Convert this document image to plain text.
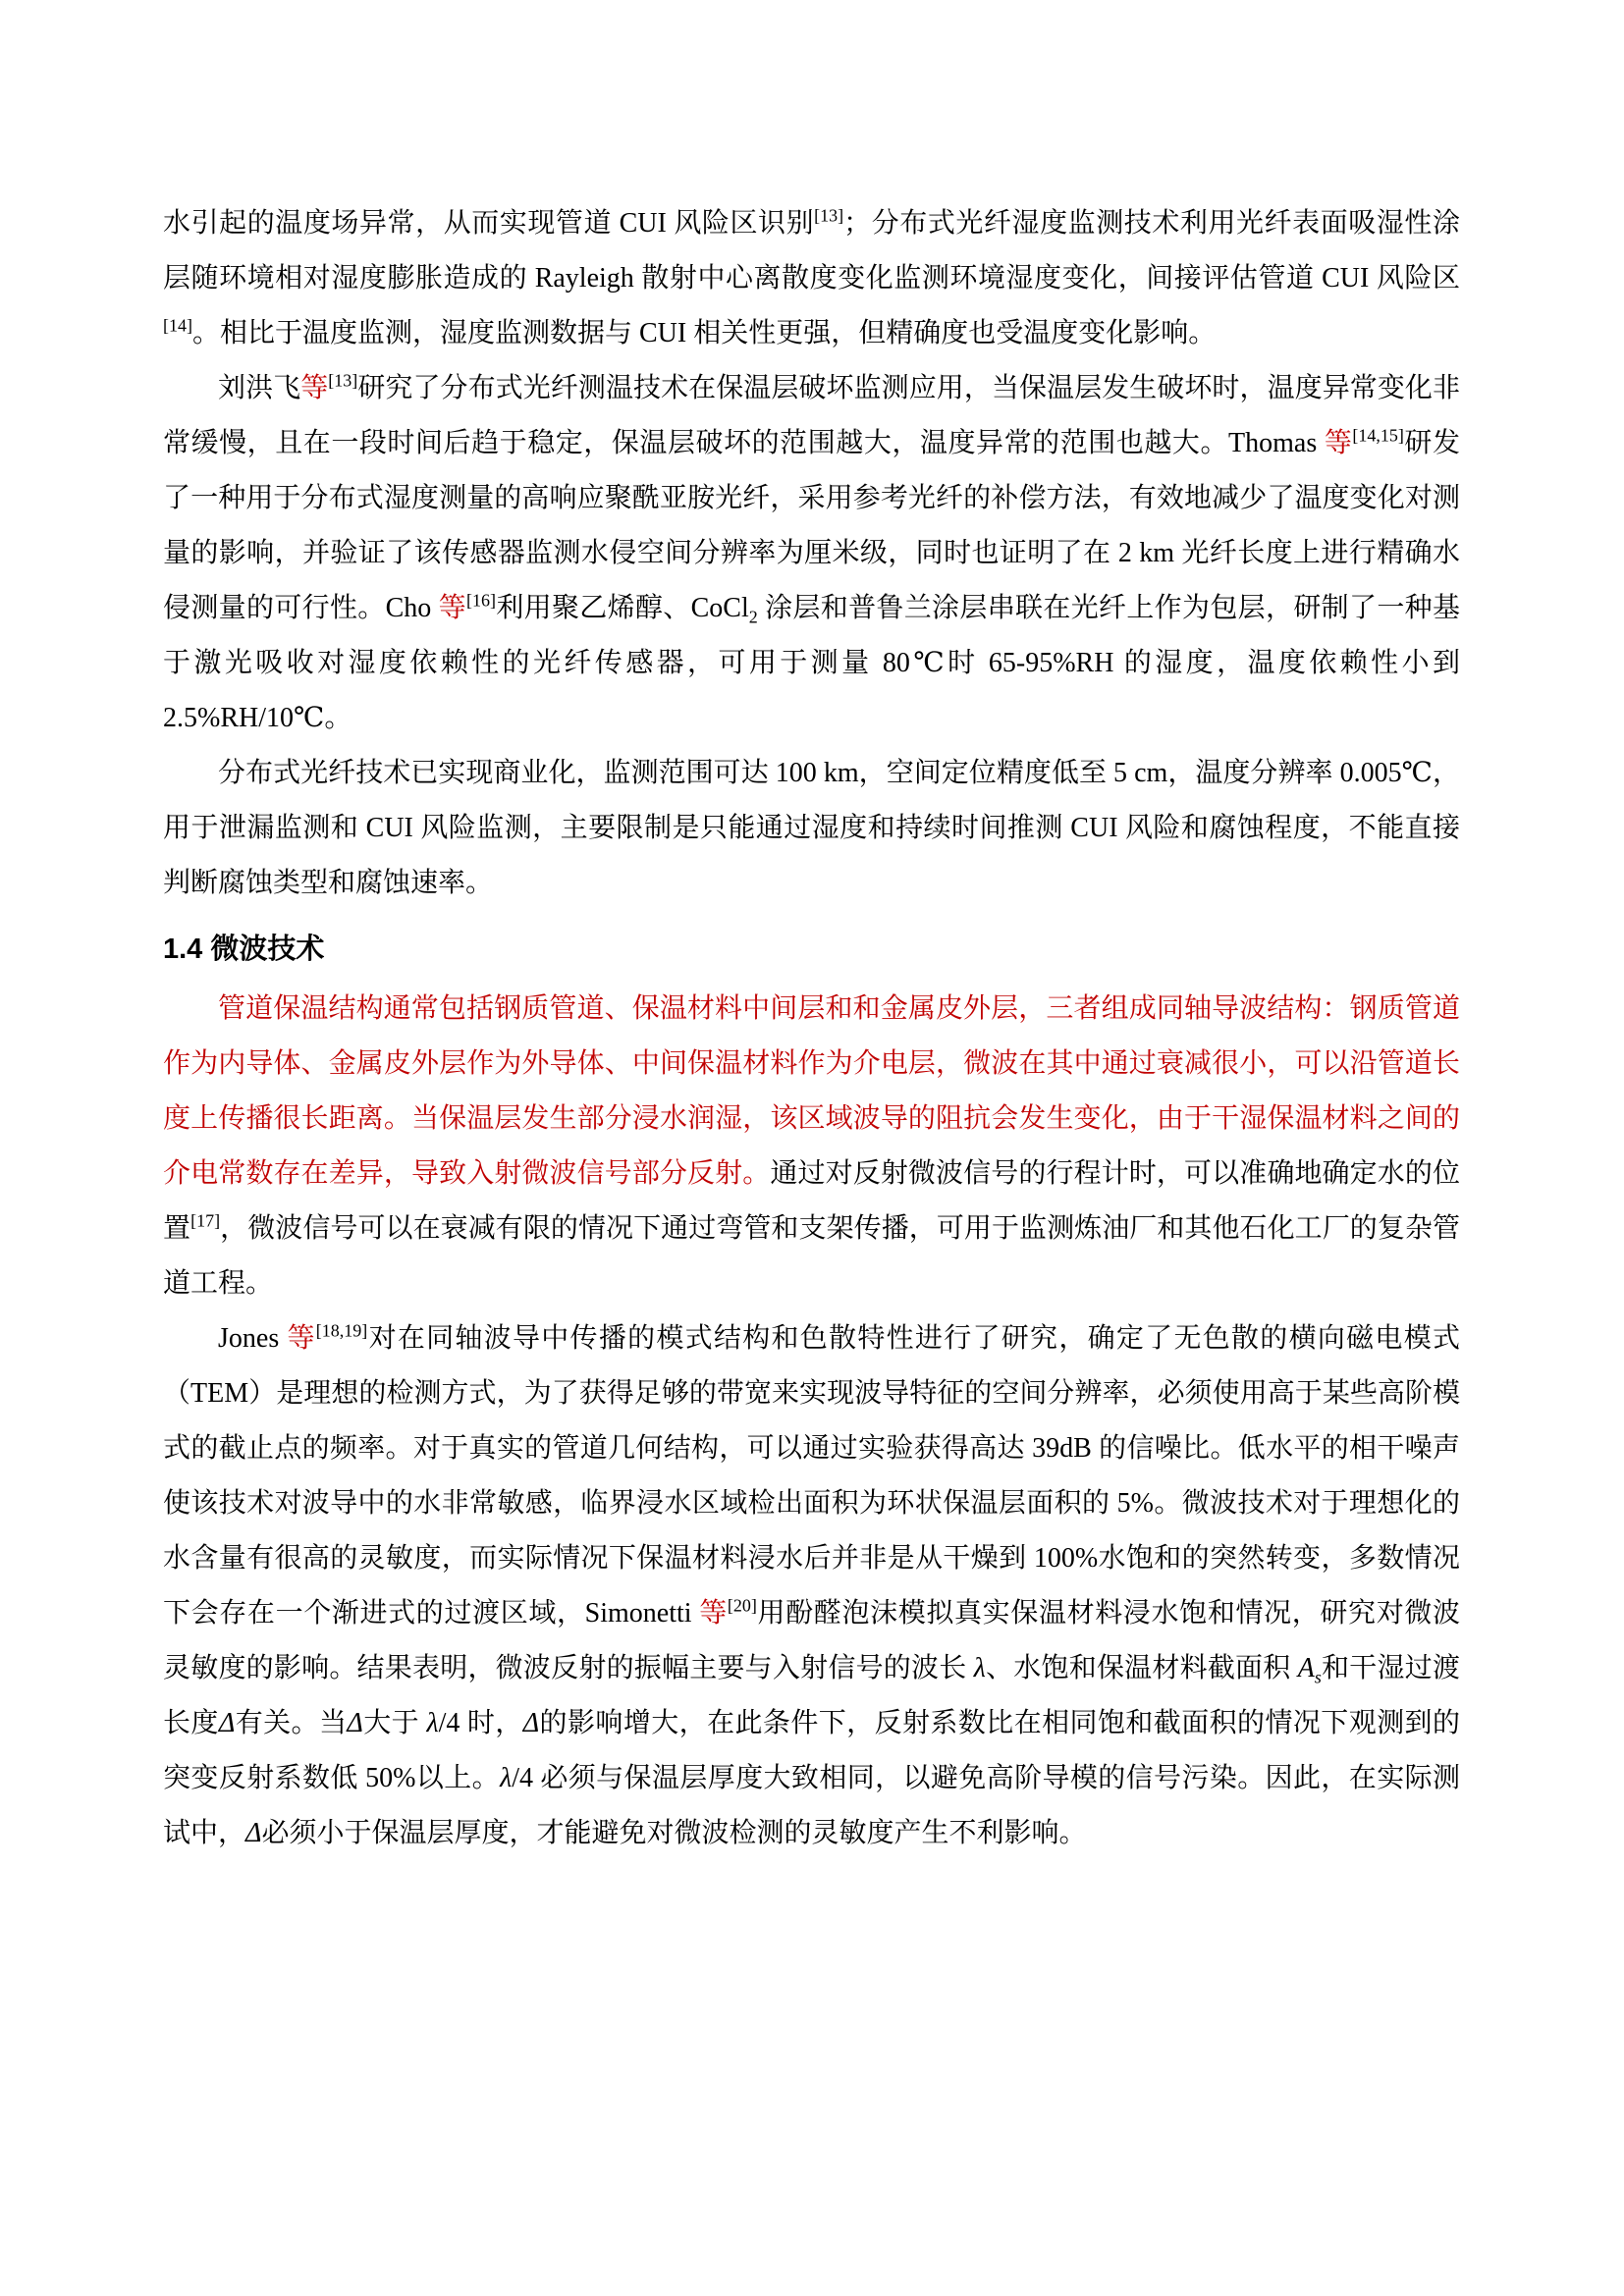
水引起的温度场异常，从而实现管道 CUI 风险区识别[13]；分布式光纤湿度监测技术利用光纤表面吸湿性涂层随环境相对湿度膨胀造成的 Rayleigh 散射中心离散度变化监测环境湿度变化，间接评估管道 CUI 风险区[14]。相比于温度监测，湿度监测数据与 CUI 相关性更强，但精确度也受温度变化影响。

刘洪飞等[13]研究了分布式光纤测温技术在保温层破坏监测应用，当保温层发生破坏时，温度异常变化非常缓慢，且在一段时间后趋于稳定，保温层破坏的范围越大，温度异常的范围也越大。Thomas 等[14,15]研发了一种用于分布式湿度测量的高响应聚酰亚胺光纤，采用参考光纤的补偿方法，有效地减少了温度变化对测量的影响，并验证了该传感器监测水侵空间分辨率为厘米级，同时也证明了在 2 km 光纤长度上进行精确水侵测量的可行性。Cho 等[16]利用聚乙烯醇、CoCl$_2$ 涂层和普鲁兰涂层串联在光纤上作为包层，研制了一种基于激光吸收对湿度依赖性的光纤传感器，可用于测量 80℃时 65-95%RH 的湿度，温度依赖性小到 2.5%RH/10℃。

分布式光纤技术已实现商业化，监测范围可达 100 km，空间定位精度低至 5 cm，温度分辨率 0.005℃，用于泄漏监测和 CUI 风险监测，主要限制是只能通过湿度和持续时间推测 CUI 风险和腐蚀程度，不能直接判断腐蚀类型和腐蚀速率。

1.4 微波技术

管道保温结构通常包括钢质管道、保温材料中间层和和金属皮外层，三者组成同轴导波结构：钢质管道作为内导体、金属皮外层作为外导体、中间保温材料作为介电层，微波在其中通过衰减很小，可以沿管道长度上传播很长距离。当保温层发生部分浸水润湿，该区域波导的阻抗会发生变化，由于干湿保温材料之间的介电常数存在差异，导致入射微波信号部分反射。通过对反射微波信号的行程计时，可以准确地确定水的位置[17]，微波信号可以在衰减有限的情况下通过弯管和支架传播，可用于监测炼油厂和其他石化工厂的复杂管道工程。

Jones 等[18,19]对在同轴波导中传播的模式结构和色散特性进行了研究，确定了无色散的横向磁电模式（TEM）是理想的检测方式，为了获得足够的带宽来实现波导特征的空间分辨率，必须使用高于某些高阶模式的截止点的频率。对于真实的管道几何结构，可以通过实验获得高达 39dB 的信噪比。低水平的相干噪声使该技术对波导中的水非常敏感，临界浸水区域检出面积为环状保温层面积的 5%。微波技术对于理想化的水含量有很高的灵敏度，而实际情况下保温材料浸水后并非是从干燥到 100%水饱和的突然转变，多数情况下会存在一个渐进式的过渡区域，Simonetti 等[20]用酚醛泡沫模拟真实保温材料浸水饱和情况，研究对微波灵敏度的影响。结果表明，微波反射的振幅主要与入射信号的波长 λ、水饱和保温材料截面积 $A_s$和干湿过渡长度Δ有关。当Δ大于 λ/4 时，Δ的影响增大，在此条件下，反射系数比在相同饱和截面积的情况下观测到的突变反射系数低 50%以上。λ/4 必须与保温层厚度大致相同，以避免高阶导模的信号污染。因此，在实际测试中，Δ必须小于保温层厚度，才能避免对微波检测的灵敏度产生不利影响。
